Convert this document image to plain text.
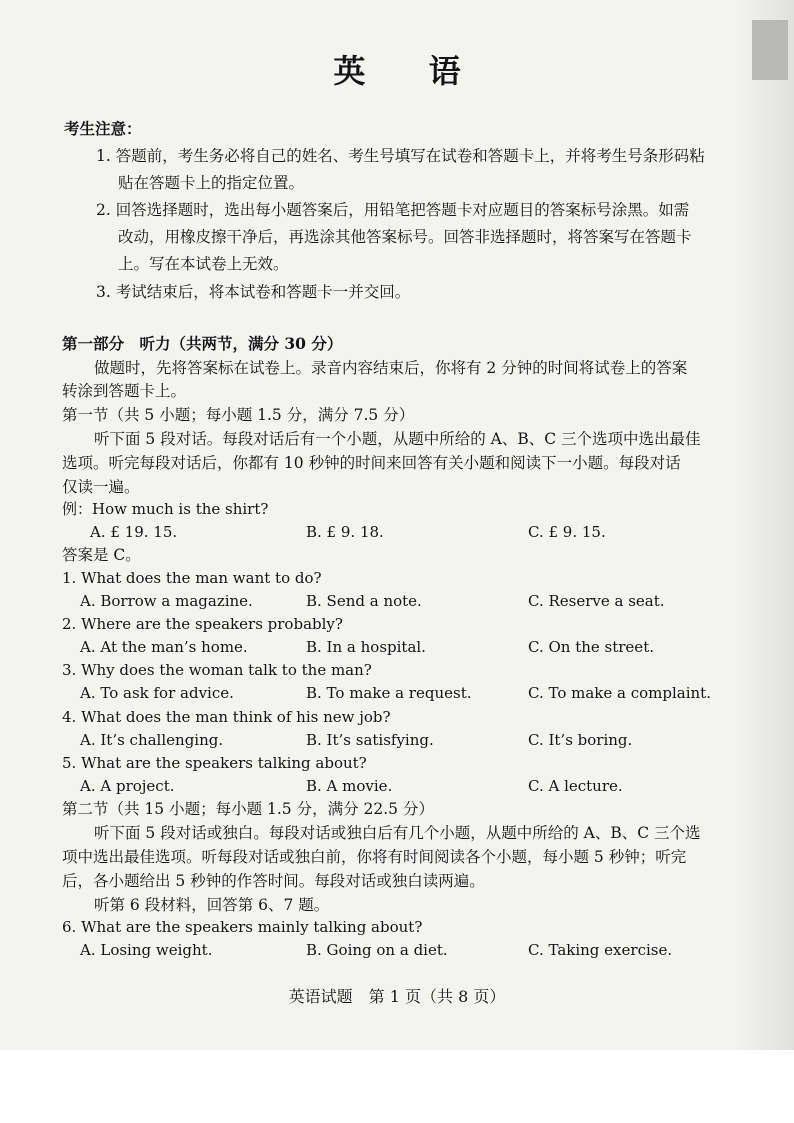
英 语
考生注意：
1. 答题前，考生务必将自己的姓名、考生号填写在试卷和答题卡上，并将考生号条形码粘
贴在答题卡上的指定位置。
2. 回答选择题时，选出每小题答案后，用铅笔把答题卡对应题目的答案标号涂黑。如需
改动，用橡皮擦干净后，再选涂其他答案标号。回答非选择题时，将答案写在答题卡
上。写在本试卷上无效。
3. 考试结束后，将本试卷和答题卡一并交回。
第一部分　听力（共两节，满分 30 分）
做题时，先将答案标在试卷上。录音内容结束后，你将有 2 分钟的时间将试卷上的答案
转涂到答题卡上。
第一节（共 5 小题；每小题 1.5 分，满分 7.5 分）
听下面 5 段对话。每段对话后有一个小题，从题中所给的 A、B、C 三个选项中选出最佳
选项。听完每段对话后，你都有 10 秒钟的时间来回答有关小题和阅读下一小题。每段对话
仅读一遍。
例：How much is the shirt?
A. £ 19. 15.	B. £ 9. 18.	C. £ 9. 15.
答案是 C。
1. What does the man want to do?
A. Borrow a magazine.	B. Send a note.	C. Reserve a seat.
2. Where are the speakers probably?
A. At the man’s home.	B. In a hospital.	C. On the street.
3. Why does the woman talk to the man?
A. To ask for advice.	B. To make a request.	C. To make a complaint.
4. What does the man think of his new job?
A. It’s challenging.	B. It’s satisfying.	C. It’s boring.
5. What are the speakers talking about?
A. A project.	B. A movie.	C. A lecture.
第二节（共 15 小题；每小题 1.5 分，满分 22.5 分）
听下面 5 段对话或独白。每段对话或独白后有几个小题，从题中所给的 A、B、C 三个选
项中选出最佳选项。听每段对话或独白前，你将有时间阅读各个小题，每小题 5 秒钟；听完
后，各小题给出 5 秒钟的作答时间。每段对话或独白读两遍。
听第 6 段材料，回答第 6、7 题。
6. What are the speakers mainly talking about?
A. Losing weight.	B. Going on a diet.	C. Taking exercise.
英语试题　第 1 页（共 8 页）
